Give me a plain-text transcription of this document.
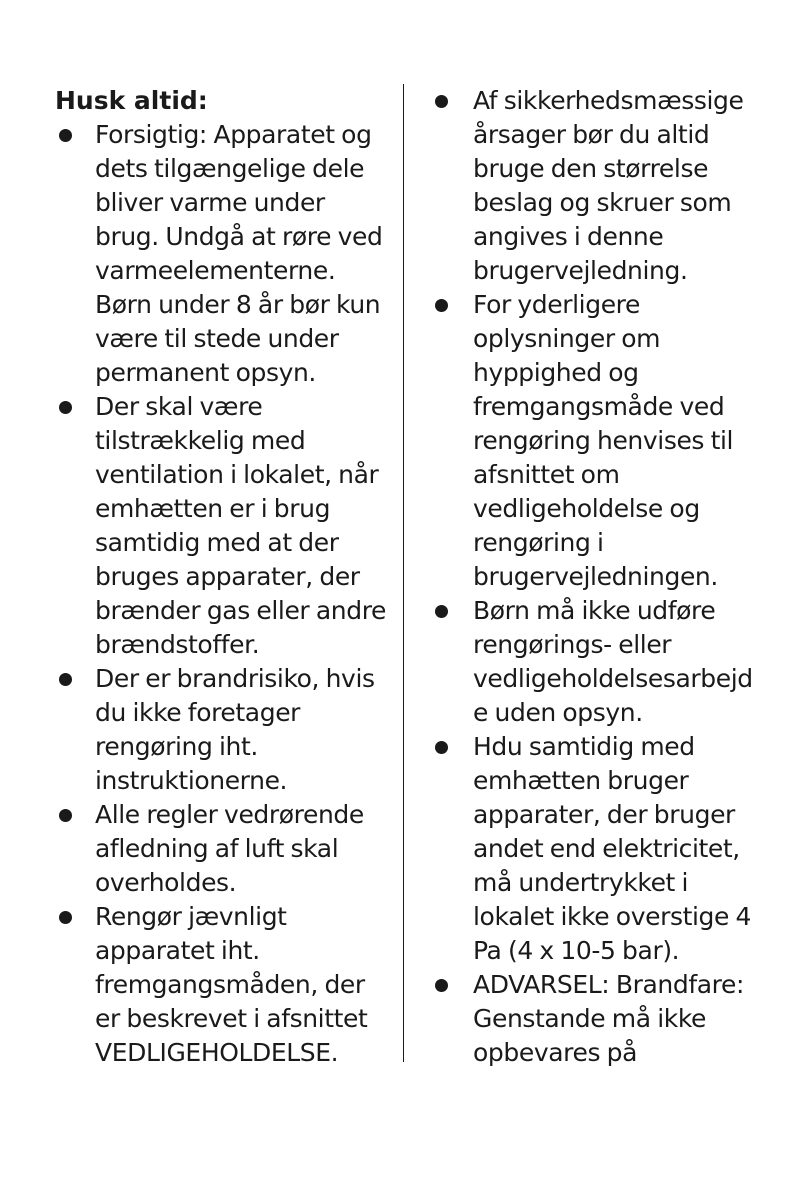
Husk altid:
Forsigtig: Apparatet og dets tilgængelige dele bliver varme under brug. Undgå at røre ved varmeelementerne. Børn under 8 år bør kun være til stede under permanent opsyn.
Der skal være tilstrækkelig med ventilation i lokalet, når emhætten er i brug samtidig med at der bruges apparater, der brænder gas eller andre brændstoffer.
Der er brandrisiko, hvis du ikke foretager rengøring iht. instruktionerne.
Alle regler vedrørende afledning af luft skal overholdes.
Rengør jævnligt apparatet iht. fremgangsmåden, der er beskrevet i afsnittet VEDLIGEHOLDELSE.
Af sikkerhedsmæssige årsager bør du altid bruge den størrelse beslag og skruer som angives i denne brugervejledning.
For yderligere oplysninger om hyppighed og fremgangsmåde ved rengøring henvises til afsnittet om vedligeholdelse og rengøring i brugervejledningen.
Børn må ikke udføre rengørings- eller vedligeholdelsesarbejd e uden opsyn.
Hdu samtidig med emhætten bruger apparater, der bruger andet end elektricitet, må undertrykket i lokalet ikke overstige 4 Pa (4 x 10-5 bar).
ADVARSEL: Brandfare: Genstande må ikke opbevares på
